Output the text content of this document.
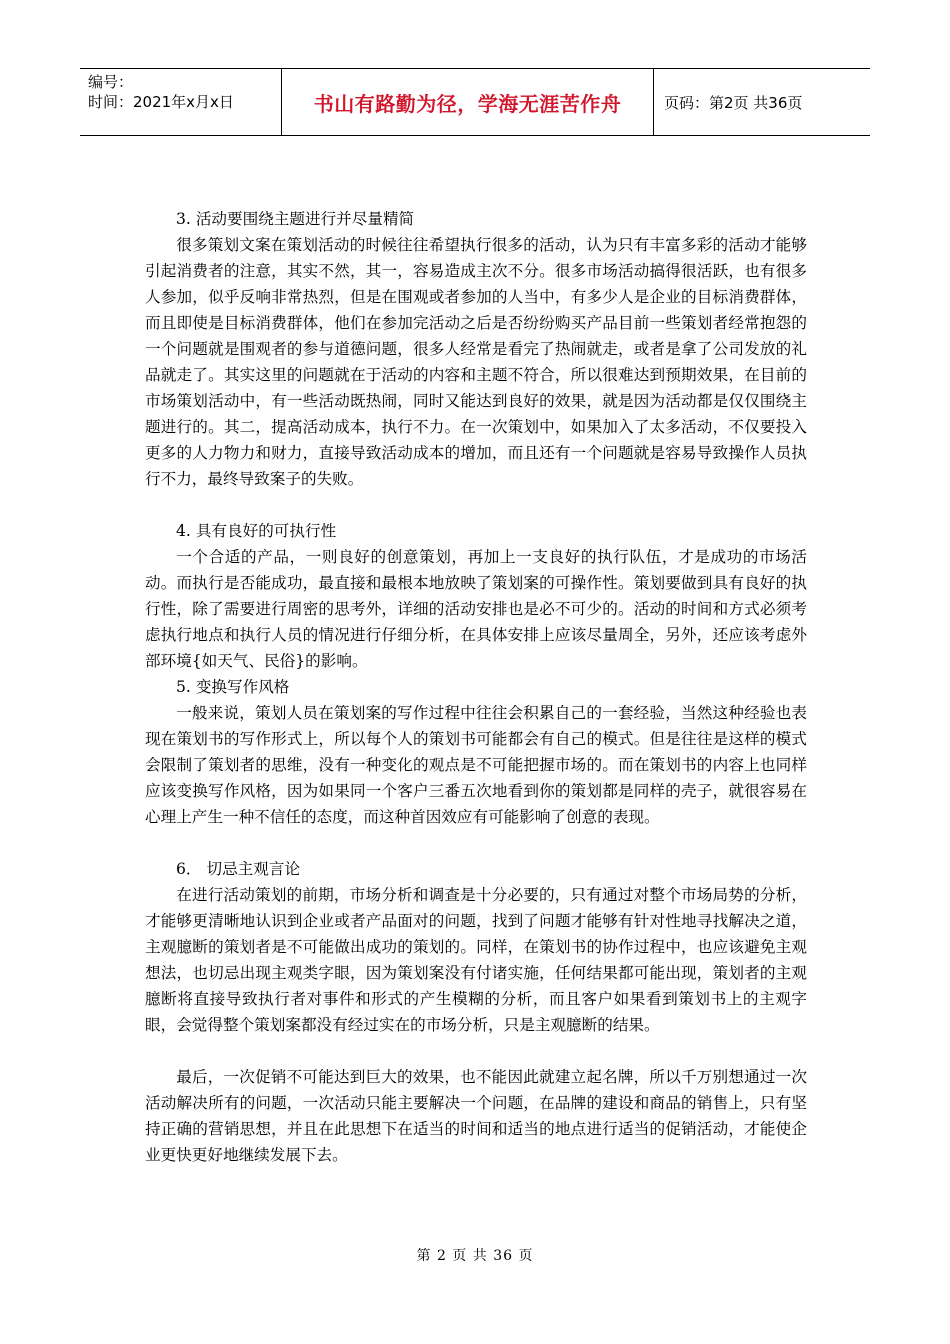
编号：
时间：2021年x月x日	书山有路勤为径，学海无涯苦作舟	页码：第2页 共36页
3. 活动要围绕主题进行并尽量精简

很多策划文案在策划活动的时候往往希望执行很多的活动，认为只有丰富多彩的活动才能够引起消费者的注意，其实不然，其一，容易造成主次不分。很多市场活动搞得很活跃，也有很多人参加，似乎反响非常热烈，但是在围观或者参加的人当中，有多少人是企业的目标消费群体，而且即使是目标消费群体，他们在参加完活动之后是否纷纷购买产品目前一些策划者经常抱怨的一个问题就是围观者的参与道德问题，很多人经常是看完了热闹就走，或者是拿了公司发放的礼品就走了。其实这里的问题就在于活动的内容和主题不符合，所以很难达到预期效果，在目前的市场策划活动中，有一些活动既热闹，同时又能达到良好的效果，就是因为活动都是仅仅围绕主题进行的。其二，提高活动成本，执行不力。在一次策划中，如果加入了太多活动，不仅要投入更多的人力物力和财力，直接导致活动成本的增加，而且还有一个问题就是容易导致操作人员执行不力，最终导致案子的失败。

4. 具有良好的可执行性

一个合适的产品，一则良好的创意策划，再加上一支良好的执行队伍，才是成功的市场活动。而执行是否能成功，最直接和最根本地放映了策划案的可操作性。策划要做到具有良好的执行性，除了需要进行周密的思考外，详细的活动安排也是必不可少的。活动的时间和方式必须考虑执行地点和执行人员的情况进行仔细分析，在具体安排上应该尽量周全，另外，还应该考虑外部环境{如天气、民俗}的影响。

5. 变换写作风格

一般来说，策划人员在策划案的写作过程中往往会积累自己的一套经验，当然这种经验也表现在策划书的写作形式上，所以每个人的策划书可能都会有自己的模式。但是往往是这样的模式会限制了策划者的思维，没有一种变化的观点是不可能把握市场的。而在策划书的内容上也同样应该变换写作风格，因为如果同一个客户三番五次地看到你的策划都是同样的壳子，就很容易在心理上产生一种不信任的态度，而这种首因效应有可能影响了创意的表现。

6． 切忌主观言论

在进行活动策划的前期，市场分析和调查是十分必要的，只有通过对整个市场局势的分析，才能够更清晰地认识到企业或者产品面对的问题，找到了问题才能够有针对性地寻找解决之道，主观臆断的策划者是不可能做出成功的策划的。同样，在策划书的协作过程中，也应该避免主观想法，也切忌出现主观类字眼，因为策划案没有付诸实施，任何结果都可能出现，策划者的主观臆断将直接导致执行者对事件和形式的产生模糊的分析，而且客户如果看到策划书上的主观字眼，会觉得整个策划案都没有经过实在的市场分析，只是主观臆断的结果。

最后，一次促销不可能达到巨大的效果，也不能因此就建立起名牌，所以千万别想通过一次活动解决所有的问题，一次活动只能主要解决一个问题，在品牌的建设和商品的销售上，只有坚持正确的营销思想，并且在此思想下在适当的时间和适当的地点进行适当的促销活动，才能使企业更快更好地继续发展下去。

第 2 页 共 36 页
